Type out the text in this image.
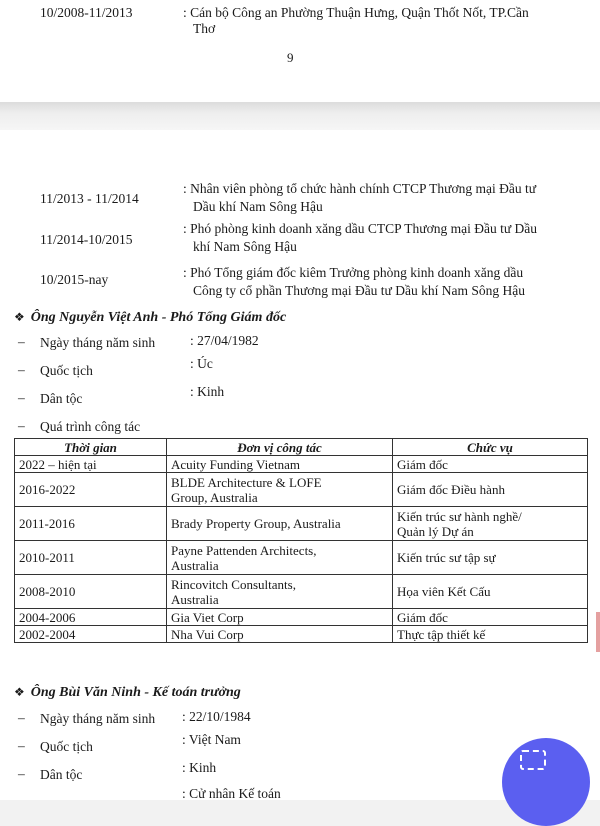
10/2008-11/2013	: Cán bộ Công an Phường Thuận Hưng, Quận Thốt Nốt, TP.Cần
Thơ
9
11/2013 - 11/2014
: Nhân viên phòng tổ chức hành chính CTCP Thương mại Đầu tư
Dầu khí Nam Sông Hậu
11/2014-10/2015
: Phó phòng kinh doanh xăng dầu CTCP Thương mại Đầu tư Dầu
khí Nam Sông Hậu
10/2015-nay	: Phó Tổng giám đốc kiêm Trưởng phòng kinh doanh xăng dầu
Công ty cổ phần Thương mại Đầu tư Dầu khí Nam Sông Hậu
❖ Ông Nguyễn Việt Anh - Phó Tổng Giám đốc
– Ngày tháng năm sinh	: 27/04/1982
– Quốc tịch	: Úc
– Dân tộc	: Kinh
– Quá trình công tác
Thời gian	Đơn vị công tác	Chức vụ
2022 – hiện tại	Acuity Funding Vietnam	Giám đốc

2016-2022	BLDE Architecture & LOFE
Group, Australia	Giám đốc Điều hành

2011-2016	Brady Property Group, Australia	Kiến trúc sư hành nghề/
Quản lý Dự án

2010-2011	Payne Pattenden Architects,
Australia	Kiến trúc sư tập sự

2008-2010	Rincovitch Consultants,
Australia	Họa viên Kết Cấu

2004-2006	Gia Viet Corp	Giám đốc

2002-2004	Nha Vui Corp	Thực tập thiết kế
❖ Ông Bùi Văn Ninh - Kế toán trưởng
– Ngày tháng năm sinh : 22/10/1984
– Quốc tịch	: Việt Nam
– Dân tộc	: Kinh
: Cử nhân Kế toán
